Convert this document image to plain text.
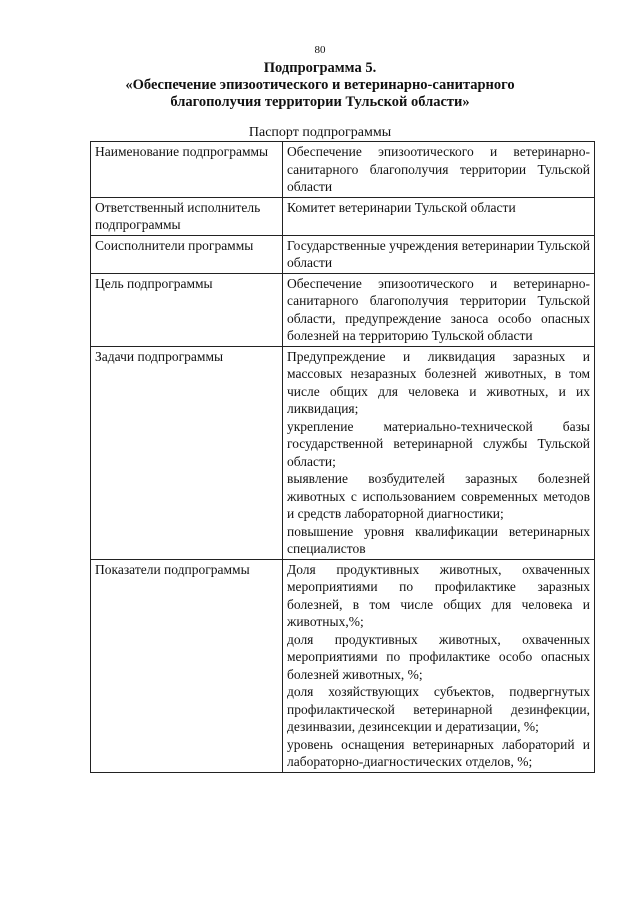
80
Подпрограмма 5.
«Обеспечение эпизоотического и ветеринарно-санитарного
благополучия территории Тульской области»
Паспорт подпрограммы
Наименование подпрограммы	Обеспечение эпизоотического и ветеринарно-санитарного благополучия территории Тульской области

Ответственный исполнитель подпрограммы	Комитет ветеринарии Тульской области

Соисполнители программы	Государственные учреждения ветеринарии Тульской области

Цель подпрограммы	Обеспечение эпизоотического и ветеринарно-санитарного благополучия территории Тульской области, предупреждение заноса особо опасных болезней на территорию Тульской области

Задачи подпрограммы	Предупреждение и ликвидация заразных и массовых незаразных болезней животных, в том числе общих для человека и животных, и их ликвидация;
укрепление материально-технической базы государственной ветеринарной службы Тульской области;
выявление возбудителей заразных болезней животных с использованием современных методов и средств лабораторной диагностики;
повышение уровня квалификации ветеринарных специалистов

Показатели подпрограммы	Доля продуктивных животных, охваченных мероприятиями по профилактике заразных болезней, в том числе общих для человека и животных,%;
доля продуктивных животных, охваченных мероприятиями по профилактике особо опасных болезней животных, %;
доля хозяйствующих субъектов, подвергнутых профилактической ветеринарной дезинфекции, дезинвазии, дезинсекции и дератизации, %;
уровень оснащения ветеринарных лабораторий и лабораторно-диагностических отделов, %;
